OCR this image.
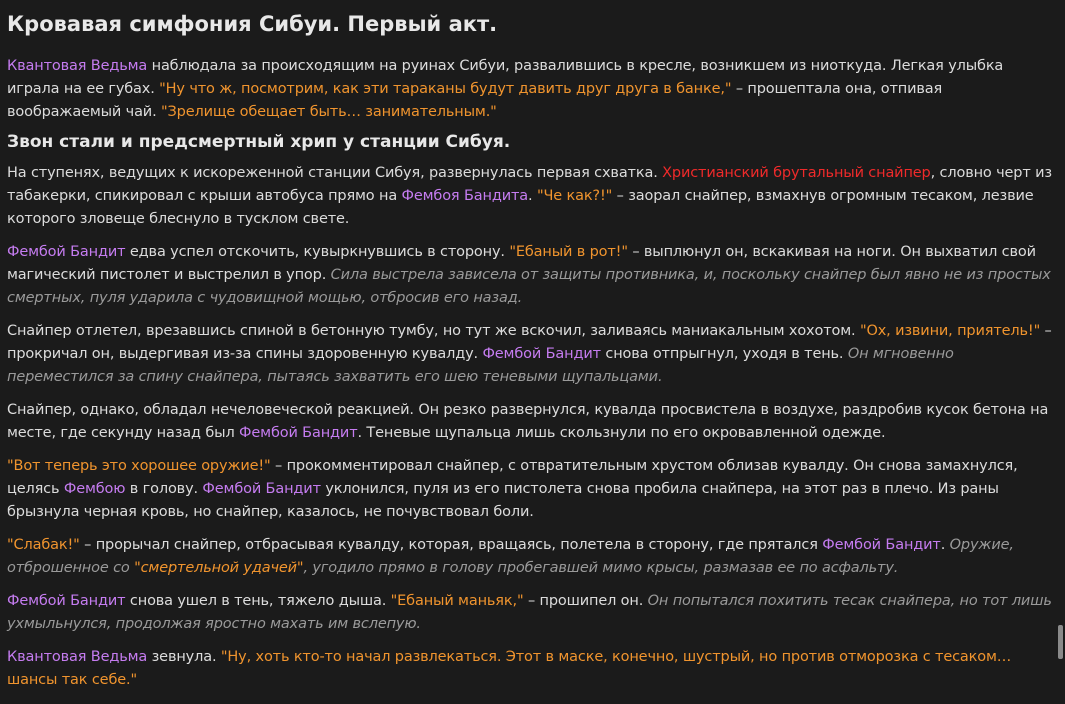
Кровавая симфония Сибуи. Первый акт.

Квантовая Ведьма наблюдала за происходящим на руинах Сибуи, развалившись в кресле, возникшем из ниоткуда. Легкая улыбка играла на ее губах. "Ну что ж, посмотрим, как эти тараканы будут давить друг друга в банке," – прошептала она, отпивая воображаемый чай. "Зрелище обещает быть… занимательным."

Звон стали и предсмертный хрип у станции Сибуя.

На ступенях, ведущих к искореженной станции Сибуя, развернулась первая схватка. Христианский брутальный снайпер, словно черт из табакерки, спикировал с крыши автобуса прямо на Фембоя Бандита. "Че как?!" – заорал снайпер, взмахнув огромным тесаком, лезвие которого зловеще блеснуло в тусклом свете.

Фембой Бандит едва успел отскочить, кувыркнувшись в сторону. "Ебаный в рот!" – выплюнул он, вскакивая на ноги. Он выхватил свой магический пистолет и выстрелил в упор. Сила выстрела зависела от защиты противника, и, поскольку снайпер был явно не из простых смертных, пуля ударила с чудовищной мощью, отбросив его назад.

Снайпер отлетел, врезавшись спиной в бетонную тумбу, но тут же вскочил, заливаясь маниакальным хохотом. "Ох, извини, приятель!" – прокричал он, выдергивая из-за спины здоровенную кувалду. Фембой Бандит снова отпрыгнул, уходя в тень. Он мгновенно переместился за спину снайпера, пытаясь захватить его шею теневыми щупальцами.

Снайпер, однако, обладал нечеловеческой реакцией. Он резко развернулся, кувалда просвистела в воздухе, раздробив кусок бетона на месте, где секунду назад был Фембой Бандит. Теневые щупальца лишь скользнули по его окровавленной одежде.

"Вот теперь это хорошее оружие!" – прокомментировал снайпер, с отвратительным хрустом облизав кувалду. Он снова замахнулся, целясь Фембою в голову. Фембой Бандит уклонился, пуля из его пистолета снова пробила снайпера, на этот раз в плечо. Из раны брызнула черная кровь, но снайпер, казалось, не почувствовал боли.

"Слабак!" – прорычал снайпер, отбрасывая кувалду, которая, вращаясь, полетела в сторону, где прятался Фембой Бандит. Оружие, отброшенное со "смертельной удачей", угодило прямо в голову пробегавшей мимо крысы, размазав ее по асфальту.

Фембой Бандит снова ушел в тень, тяжело дыша. "Ебаный маньяк," – прошипел он. Он попытался похитить тесак снайпера, но тот лишь ухмыльнулся, продолжая яростно махать им вслепую.

Квантовая Ведьма зевнула. "Ну, хоть кто-то начал развлекаться. Этот в маске, конечно, шустрый, но против отморозка с тесаком… шансы так себе."
